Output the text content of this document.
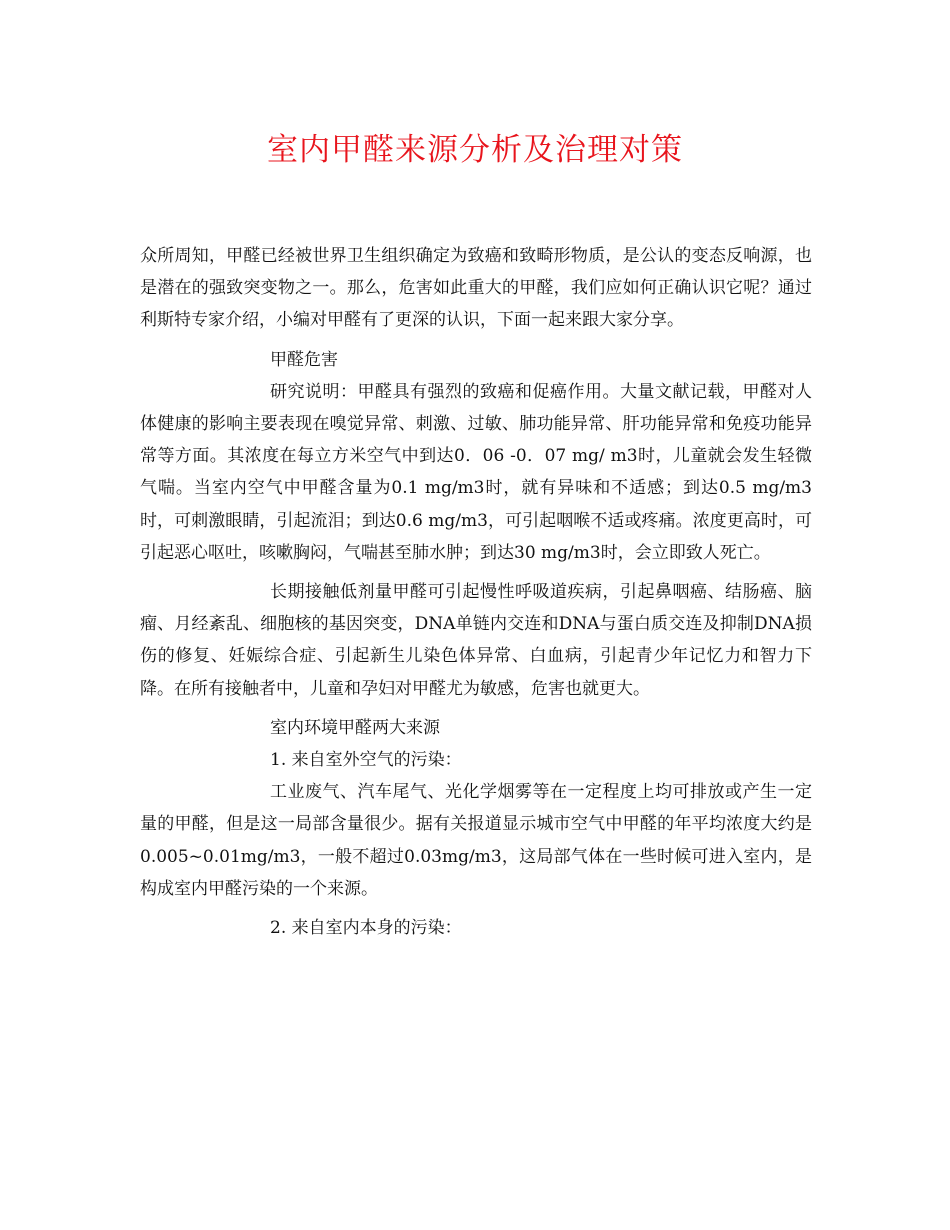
室内甲醛来源分析及治理对策

众所周知，甲醛已经被世界卫生组织确定为致癌和致畸形物质，是公认的变态反响源，也是潜在的强致突变物之一。那么，危害如此重大的甲醛，我们应如何正确认识它呢？通过利斯特专家介绍，小编对甲醛有了更深的认识，下面一起来跟大家分享。

甲醛危害

研究说明：甲醛具有强烈的致癌和促癌作用。大量文献记载，甲醛对人体健康的影响主要表现在嗅觉异常、刺激、过敏、肺功能异常、肝功能异常和免疫功能异常等方面。其浓度在每立方米空气中到达0．06 -0．07 mg/ m3时，儿童就会发生轻微气喘。当室内空气中甲醛含量为0.1 mg/m3时，就有异味和不适感；到达0.5 mg/m3时，可刺激眼睛，引起流泪；到达0.6 mg/m3，可引起咽喉不适或疼痛。浓度更高时，可引起恶心呕吐，咳嗽胸闷，气喘甚至肺水肿；到达30 mg/m3时，会立即致人死亡。

长期接触低剂量甲醛可引起慢性呼吸道疾病，引起鼻咽癌、结肠癌、脑瘤、月经紊乱、细胞核的基因突变，DNA单链内交连和DNA与蛋白质交连及抑制DNA损伤的修复、妊娠综合症、引起新生儿染色体异常、白血病，引起青少年记忆力和智力下降。在所有接触者中，儿童和孕妇对甲醛尤为敏感，危害也就更大。

室内环境甲醛两大来源

1. 来自室外空气的污染：

工业废气、汽车尾气、光化学烟雾等在一定程度上均可排放或产生一定量的甲醛，但是这一局部含量很少。据有关报道显示城市空气中甲醛的年平均浓度大约是0.005~0.01mg/m3，一般不超过0.03mg/m3，这局部气体在一些时候可进入室内，是构成室内甲醛污染的一个来源。

2. 来自室内本身的污染：
